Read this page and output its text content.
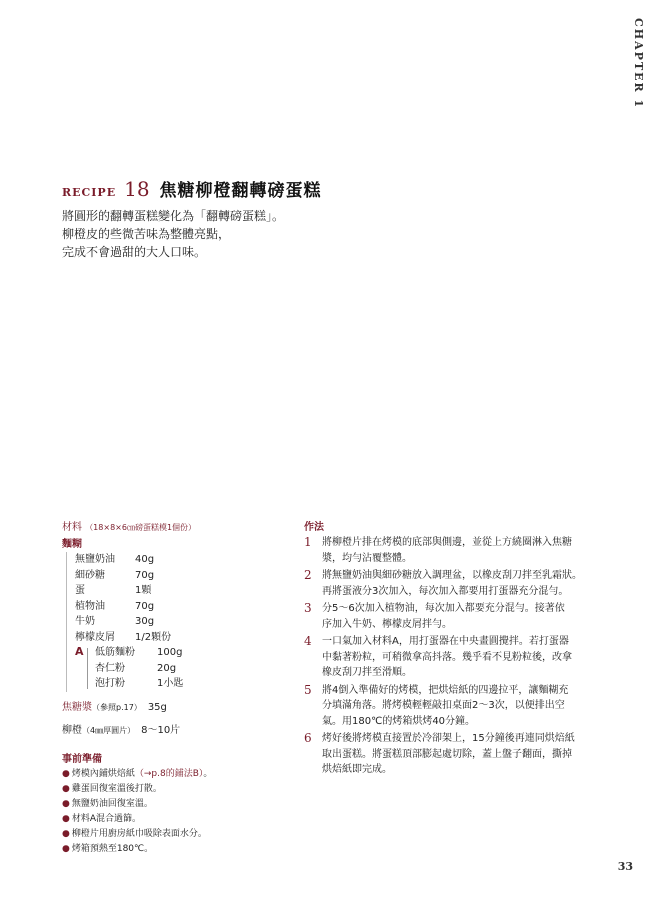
CHAPTER 1
RECIPE 18 焦糖柳橙翻轉磅蛋糕
將圓形的翻轉蛋糕變化為「翻轉磅蛋糕」。
柳橙皮的些微苦味為整體亮點，
完成不會過甜的大人口味。
材料 （18×8×6㎝磅蛋糕模1個份）
麵糊
無鹽奶油 40g
細砂糖	70g
蛋	1顆
植物油	70g
牛奶	30g
檸檬皮屑 1/2顆份
A 低筋麵粉 100g
杏仁粉	20g
泡打粉	1小匙
焦糖漿（參照p.17） 35g
柳橙（4㎜厚圓片） 8〜10片
事前準備
● 烤模內鋪烘焙紙（→p.8的鋪法B）。
● 雞蛋回復室溫後打散。
● 無鹽奶油回復室溫。
● 材料A混合過篩。
● 柳橙片用廚房紙巾吸除表面水分。
● 烤箱預熱至180℃。
作法
1	將柳橙片排在烤模的底部與側邊，並從上方繞圈淋入焦糖
漿，均勻沾覆整體。
2	將無鹽奶油與細砂糖放入調理盆，以橡皮刮刀拌至乳霜狀。
再將蛋液分3次加入，每次加入都要用打蛋器充分混勻。
3	分5〜6次加入植物油，每次加入都要充分混勻。接著依
序加入牛奶、檸檬皮屑拌勻。
4	一口氣加入材料A，用打蛋器在中央畫圓攪拌。若打蛋器
中黏著粉粒，可稍微拿高抖落。幾乎看不見粉粒後，改拿
橡皮刮刀拌至滑順。
5	將4倒入準備好的烤模，把烘焙紙的四邊拉平，讓麵糊充
分填滿角落。將烤模輕輕敲扣桌面2〜3次，以便排出空
氣。用180℃的烤箱烘烤40分鐘。
6	烤好後將烤模直接置於冷卻架上，15分鐘後再連同烘焙紙
取出蛋糕。將蛋糕頂部膨起處切除，蓋上盤子翻面，撕掉
烘焙紙即完成。
33
